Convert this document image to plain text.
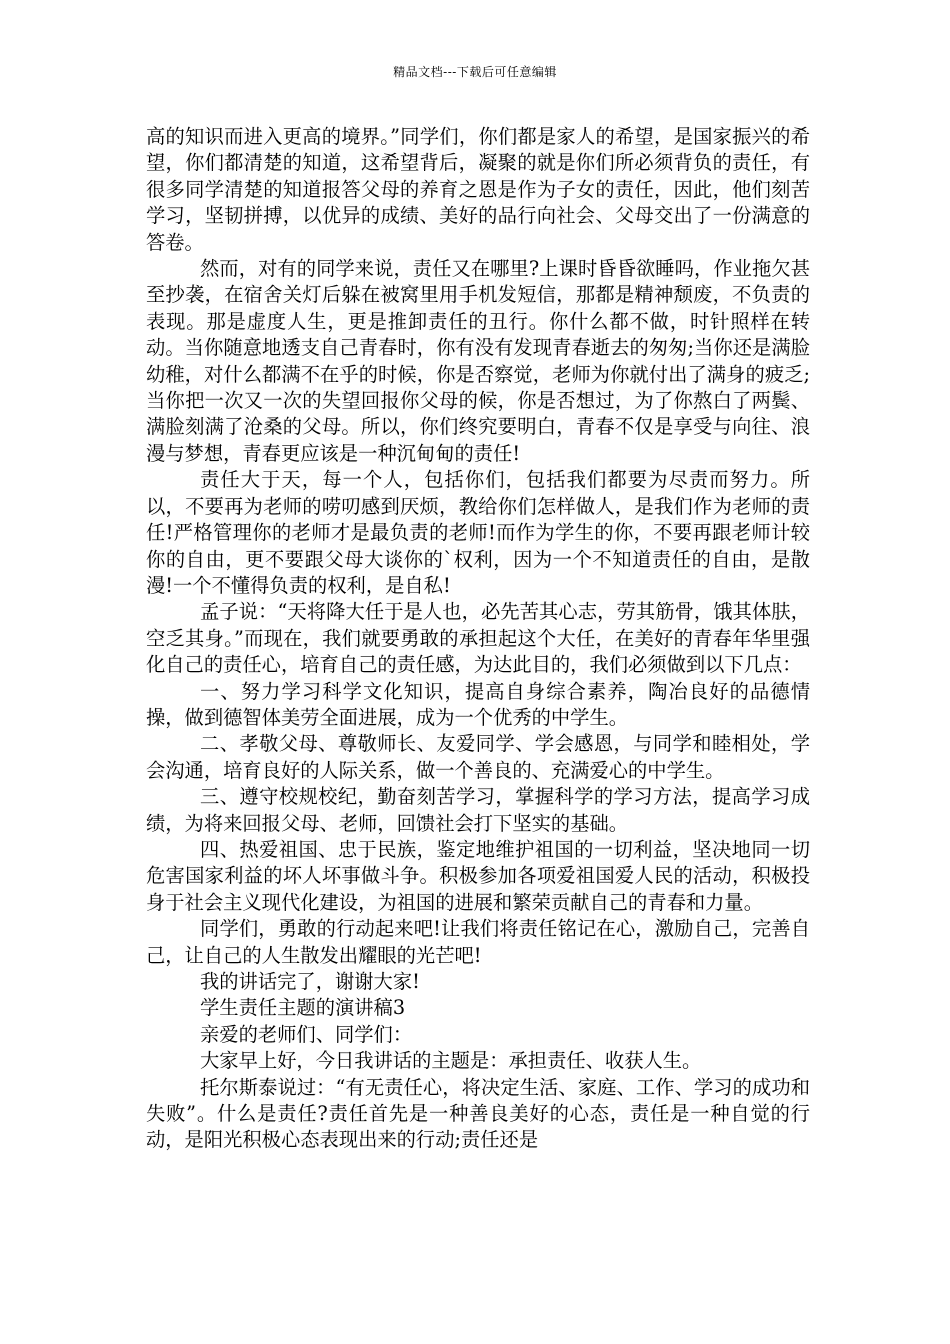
精品文档---下载后可任意编辑

高的知识而进入更高的境界。”同学们，你们都是家人的希望，是国家振兴的希望，你们都清楚的知道，这希望背后，凝聚的就是你们所必须背负的责任，有很多同学清楚的知道报答父母的养育之恩是作为子女的责任，因此，他们刻苦学习，坚韧拼搏，以优异的成绩、美好的品行向社会、父母交出了一份满意的答卷。

然而，对有的同学来说，责任又在哪里?上课时昏昏欲睡吗，作业拖欠甚至抄袭，在宿舍关灯后躲在被窝里用手机发短信，那都是精神颓废，不负责的表现。那是虚度人生，更是推卸责任的丑行。你什么都不做，时针照样在转动。当你随意地透支自己青春时，你有没有发现青春逝去的匆匆;当你还是满脸幼稚，对什么都满不在乎的时候，你是否察觉，老师为你就付出了满身的疲乏;当你把一次又一次的失望回报你父母的候，你是否想过，为了你熬白了两鬓、满脸刻满了沧桑的父母。所以，你们终究要明白，青春不仅是享受与向往、浪漫与梦想，青春更应该是一种沉甸甸的责任!

责任大于天，每一个人，包括你们，包括我们都要为尽责而努力。所以，不要再为老师的唠叨感到厌烦，教给你们怎样做人，是我们作为老师的责任!严格管理你的老师才是最负责的老师!而作为学生的你，不要再跟老师计较你的自由，更不要跟父母大谈你的`权利，因为一个不知道责任的自由，是散漫!一个不懂得负责的权利，是自私!

孟子说：“天将降大任于是人也，必先苦其心志，劳其筋骨，饿其体肤，空乏其身。”而现在，我们就要勇敢的承担起这个大任，在美好的青春年华里强化自己的责任心，培育自己的责任感，为达此目的，我们必须做到以下几点：

一、努力学习科学文化知识，提高自身综合素养，陶冶良好的品德情操，做到德智体美劳全面进展，成为一个优秀的中学生。

二、孝敬父母、尊敬师长、友爱同学、学会感恩，与同学和睦相处，学会沟通，培育良好的人际关系，做一个善良的、充满爱心的中学生。

三、遵守校规校纪，勤奋刻苦学习，掌握科学的学习方法，提高学习成绩，为将来回报父母、老师，回馈社会打下坚实的基础。

四、热爱祖国、忠于民族，鉴定地维护祖国的一切利益，坚决地同一切危害国家利益的坏人坏事做斗争。积极参加各项爱祖国爱人民的活动，积极投身于社会主义现代化建设，为祖国的进展和繁荣贡献自己的青春和力量。

同学们，勇敢的行动起来吧!让我们将责任铭记在心，激励自己，完善自己，让自己的人生散发出耀眼的光芒吧!

我的讲话完了，谢谢大家!

学生责任主题的演讲稿3

亲爱的老师们、同学们：

大家早上好，今日我讲话的主题是：承担责任、收获人生。

托尔斯泰说过：“有无责任心，将决定生活、家庭、工作、学习的成功和失败”。什么是责任?责任首先是一种善良美好的心态，责任是一种自觉的行动，是阳光积极心态表现出来的行动;责任还是
